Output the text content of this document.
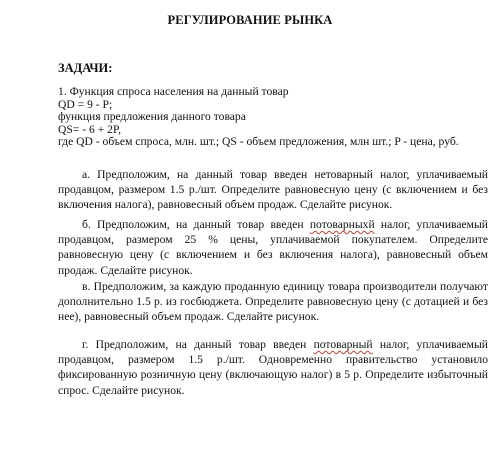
РЕГУЛИРОВАНИЕ РЫНКА
ЗАДАЧИ:
1. Функция спроса населения на данный товар
QD = 9 - P;
функция предложения данного товара
QS= - 6 + 2P,
где QD - объем спроса, млн. шт.; QS - объем предложения, млн шт.; P - цена, руб.
а. Предположим, на данный товар введен нетоварный налог, уплачиваемый продавцом, размером 1.5 р./шт. Определите равновесную цену (с включением и без включения налога), равновесный объем продаж. Сделайте рисунок.
б. Предположим, на данный товар введен потоварныхй налог, уплачиваемый продавцом, размером 25 % цены, уплачиваемой покупателем. Определите равновесную цену (с включением и без включения налога), равновесный объем продаж. Сделайте рисунок.
в. Предположим, за каждую проданную единицу товара производители получают дополнительно 1.5 р. из госбюджета. Определите равновесную цену (с дотацией и без нее), равновесный объем продаж. Сделайте рисунок.
г. Предположим, на данный товар введен потоварный налог, уплачиваемый продавцом, размером 1.5 р./шт. Одновременно правительство установило фиксированную розничную цену (включающую налог) в 5 р. Определите избыточный спрос. Сделайте рисунок.
